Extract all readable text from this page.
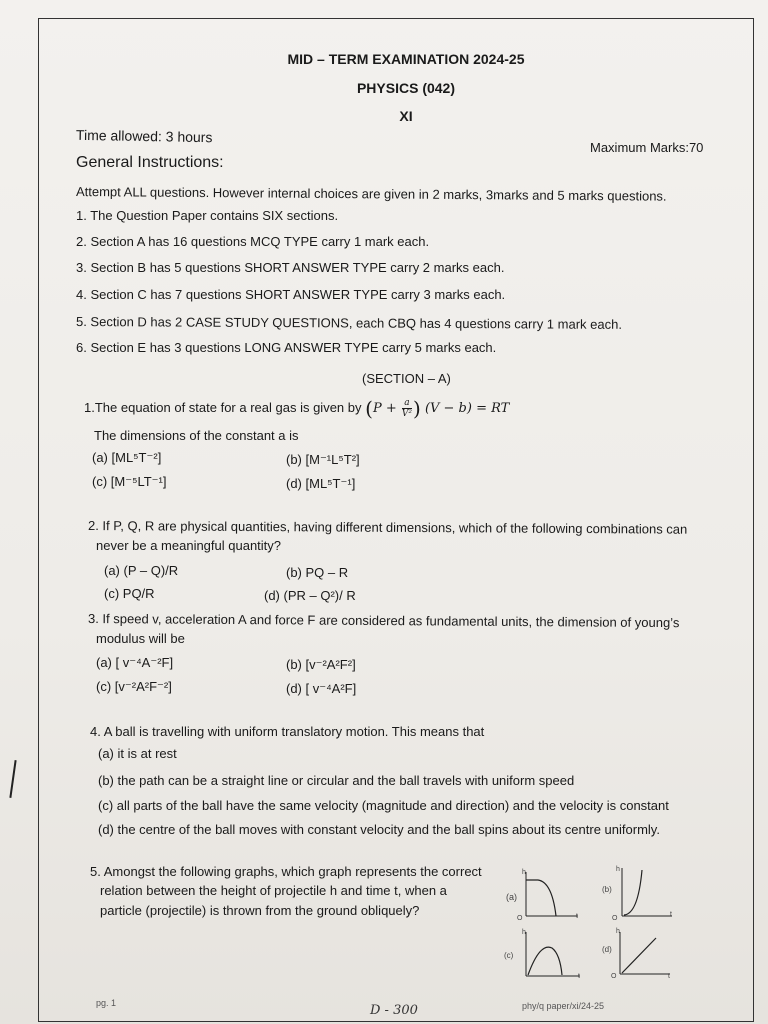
MID – TERM EXAMINATION 2024-25
PHYSICS (042)
XI
Time allowed: 3 hours
Maximum Marks:70
General Instructions:
Attempt ALL questions. However internal choices are given in 2 marks, 3marks and 5 marks questions.
1. The Question Paper contains SIX sections.
2. Section A has 16 questions MCQ TYPE carry 1 mark each.
3. Section B has 5 questions SHORT ANSWER TYPE carry 2 marks each.
4. Section C has 7 questions SHORT ANSWER TYPE carry 3 marks each.
5. Section D has 2 CASE STUDY QUESTIONS, each CBQ has 4 questions carry 1 mark each.
6. Section E has 3 questions LONG ANSWER TYPE carry 5 marks each.
(SECTION – A)
1.The equation of state for a real gas is given by ($P + \frac{a}{\text{V²}}$ ) (V − b) = RT
The dimensions of the constant a is
(a) [ML⁵T⁻²]	(b) [M⁻¹L⁵T²]
(c) [M⁻⁵LT⁻¹]	(d) [ML⁵T⁻¹]
2. If P, Q, R are physical quantities, having different dimensions, which of the following combinations can
never be a meaningful quantity?
(a) (P – Q)/R	(b) PQ – R
(c) PQ/R	(d) (PR – Q²)/ R
3. If speed v, acceleration A and force F are considered as fundamental units, the dimension of young’s
modulus will be
(a) [ v⁻⁴A⁻²F]	(b) [v⁻²A²F²]
(c) [v⁻²A²F⁻²]	(d) [ v⁻⁴A²F]
4. A ball is travelling with uniform translatory motion. This means that
(a) it is at rest
(b) the path can be a straight line or circular and the ball travels with uniform speed
(c) all parts of the ball have the same velocity (magnitude and direction) and the velocity is constant
(d) the centre of the ball moves with constant velocity and the ball spins about its centre uniformly.
5. Amongst the following graphs, which graph represents the correct
relation between the height of projectile h and time t, when a
particle (projectile) is thrown from the ground obliquely?
(a)
h
O
(b)
h
O
t
(c)
h
(d)
h
O	t
pg. 1	D - 300	phy/q paper/xi/24-25
